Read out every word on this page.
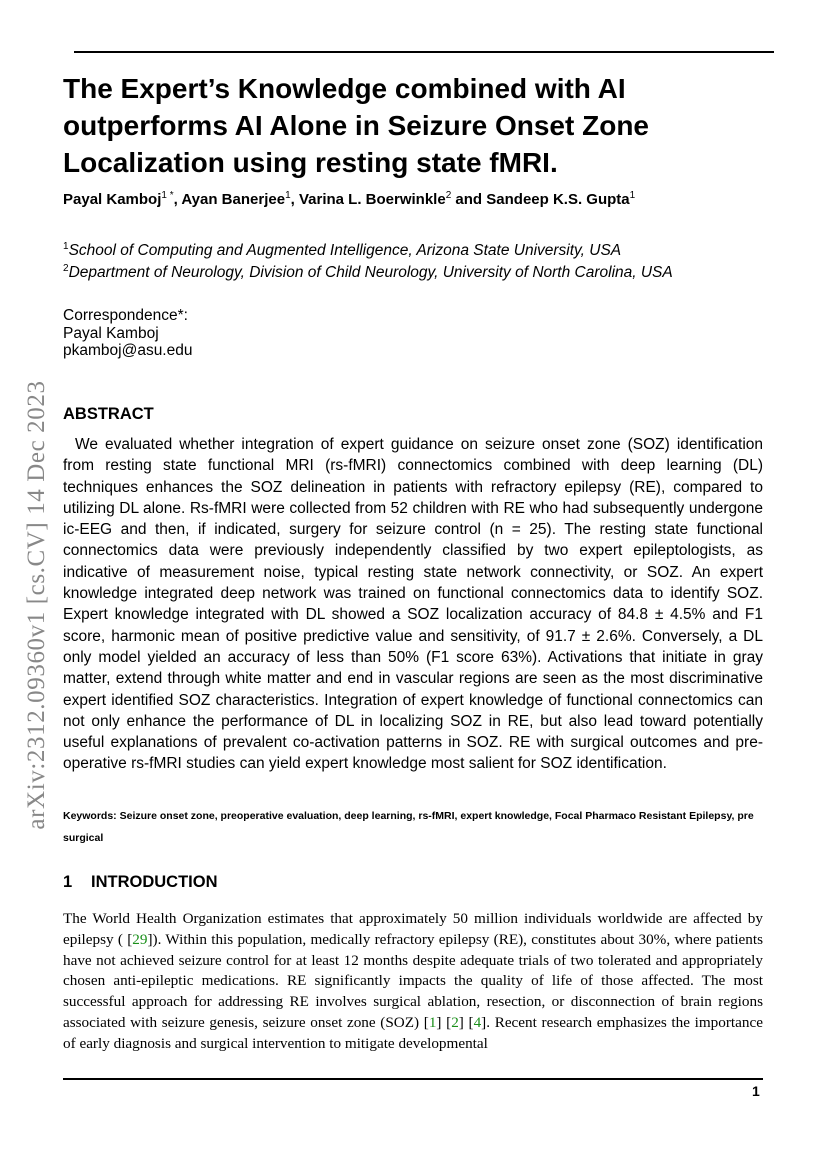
arXiv:2312.09360v1 [cs.CV] 14 Dec 2023
The Expert’s Knowledge combined with AI outperforms AI Alone in Seizure Onset Zone Localization using resting state fMRI.

Payal Kamboj$^{1 *}$, Ayan Banerjee$^1$, Varina L. Boerwinkle$^2$ and Sandeep K.S. Gupta$^1$

$^1$School of Computing and Augmented Intelligence, Arizona State University, USA

$^2$Department of Neurology, Division of Child Neurology, University of North Carolina, USA

Correspondence*:
Payal Kamboj
pkamboj@asu.edu
ABSTRACT

We evaluated whether integration of expert guidance on seizure onset zone (SOZ) identification from resting state functional MRI (rs-fMRI) connectomics combined with deep learning (DL) techniques enhances the SOZ delineation in patients with refractory epilepsy (RE), compared to utilizing DL alone. Rs-fMRI were collected from 52 children with RE who had subsequently undergone ic-EEG and then, if indicated, surgery for seizure control (n = 25). The resting state functional connectomics data were previously independently classified by two expert epileptologists, as indicative of measurement noise, typical resting state network connectivity, or SOZ. An expert knowledge integrated deep network was trained on functional connectomics data to identify SOZ. Expert knowledge integrated with DL showed a SOZ localization accuracy of 84.8 ± 4.5% and F1 score, harmonic mean of positive predictive value and sensitivity, of 91.7 ± 2.6%. Conversely, a DL only model yielded an accuracy of less than 50% (F1 score 63%). Activations that initiate in gray matter, extend through white matter and end in vascular regions are seen as the most discriminative expert identified SOZ characteristics. Integration of expert knowledge of functional connectomics can not only enhance the performance of DL in localizing SOZ in RE, but also lead toward potentially useful explanations of prevalent co-activation patterns in SOZ. RE with surgical outcomes and pre-operative rs-fMRI studies can yield expert knowledge most salient for SOZ identification.

Keywords: Seizure onset zone, preoperative evaluation, deep learning, rs-fMRI, expert knowledge, Focal Pharmaco Resistant Epilepsy, pre surgical

1 INTRODUCTION

The World Health Organization estimates that approximately 50 million individuals worldwide are affected by epilepsy ( [29]). Within this population, medically refractory epilepsy (RE), constitutes about 30%, where patients have not achieved seizure control for at least 12 months despite adequate trials of two tolerated and appropriately chosen anti-epileptic medications. RE significantly impacts the quality of life of those affected. The most successful approach for addressing RE involves surgical ablation, resection, or disconnection of brain regions associated with seizure genesis, seizure onset zone (SOZ) [1] [2] [4]. Recent research emphasizes the importance of early diagnosis and surgical intervention to mitigate developmental

1
